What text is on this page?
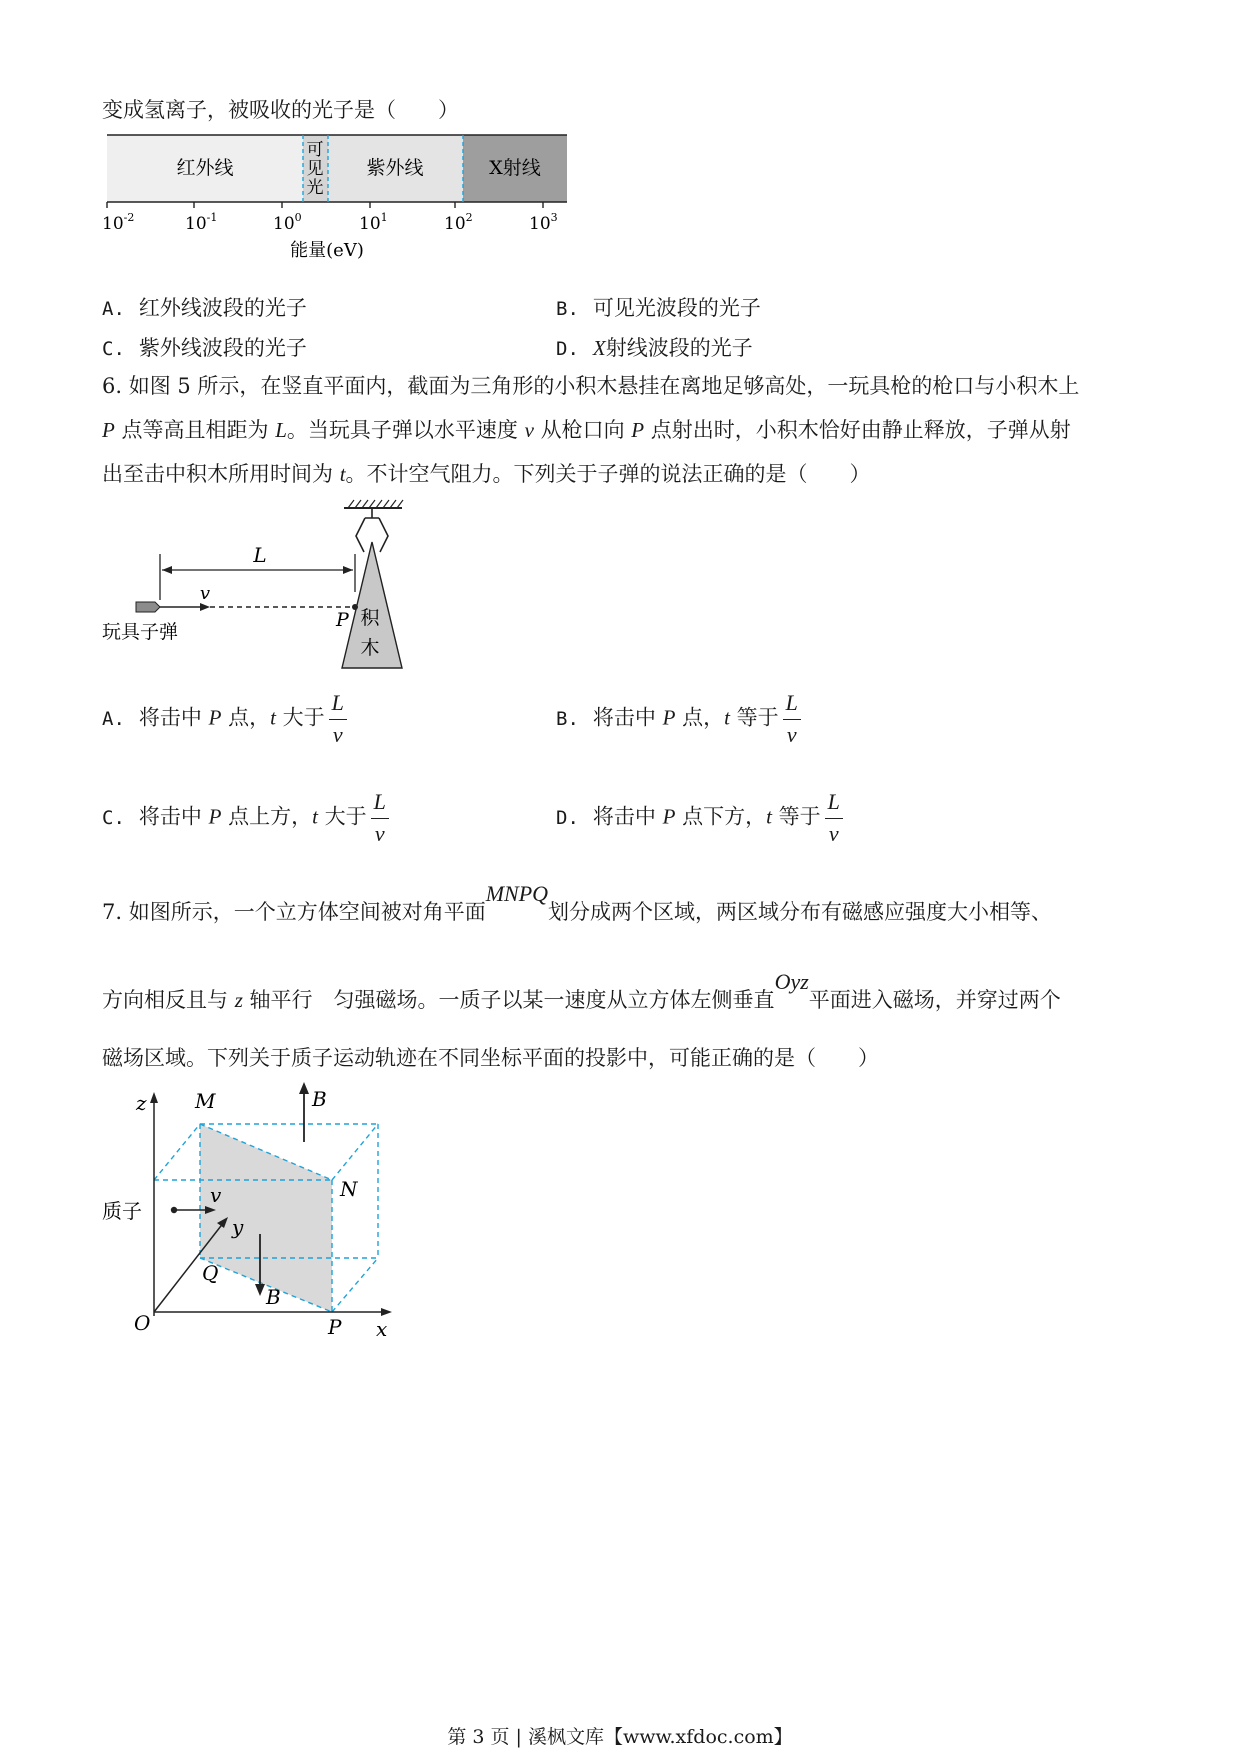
变成氢离子，被吸收的光子是（　　）
红外线
可
见
光
紫外线	X射线
$10^{-2}$	$10^{-1}$	$10^0$	$10^1$	$10^2$	$10^3$
能量(eV)
A. 红外线波段的光子	B. 可见光波段的光子
C. 紫外线波段的光子	D. X射线波段的光子
6. 如图 5 所示，在竖直平面内，截面为三角形的小积木悬挂在离地足够高处，一玩具枪的枪口与小积木上
P 点等高且相距为 L。当玩具子弹以水平速度 v 从枪口向 P 点射出时，小积木恰好由静止释放，子弹从射
出至击中积木所用时间为 t。不计空气阻力。下列关于子弹的说法正确的是（　　）
积
木
L
v
P
玩具子弹
A. 将击中 P 点，t 大于 $\frac{L}{v}$	B. 将击中 P 点，t 等于 $\frac{L}{v}$
C. 将击中 P 点上方，t 大于 $\frac{L}{v}$	D. 将击中 P 点下方，t 等于 $\frac{L}{v}$
7. 如图所示，一个立方体空间被对角平面MNPQ划分成两个区域，两区域分布有磁感应强度大小相等、
方向相反且与 z 轴平行　匀强磁场。一质子以某一速度从立方体左侧垂直Oyz平面进入磁场，并穿过两个
磁场区域。下列关于质子运动轨迹在不同坐标平面的投影中，可能正确的是（　　）
z M	B
N
v
y
Q
B
O	P x
质子
第 3 页 | 溪枫文库【www.xfdoc.com】
